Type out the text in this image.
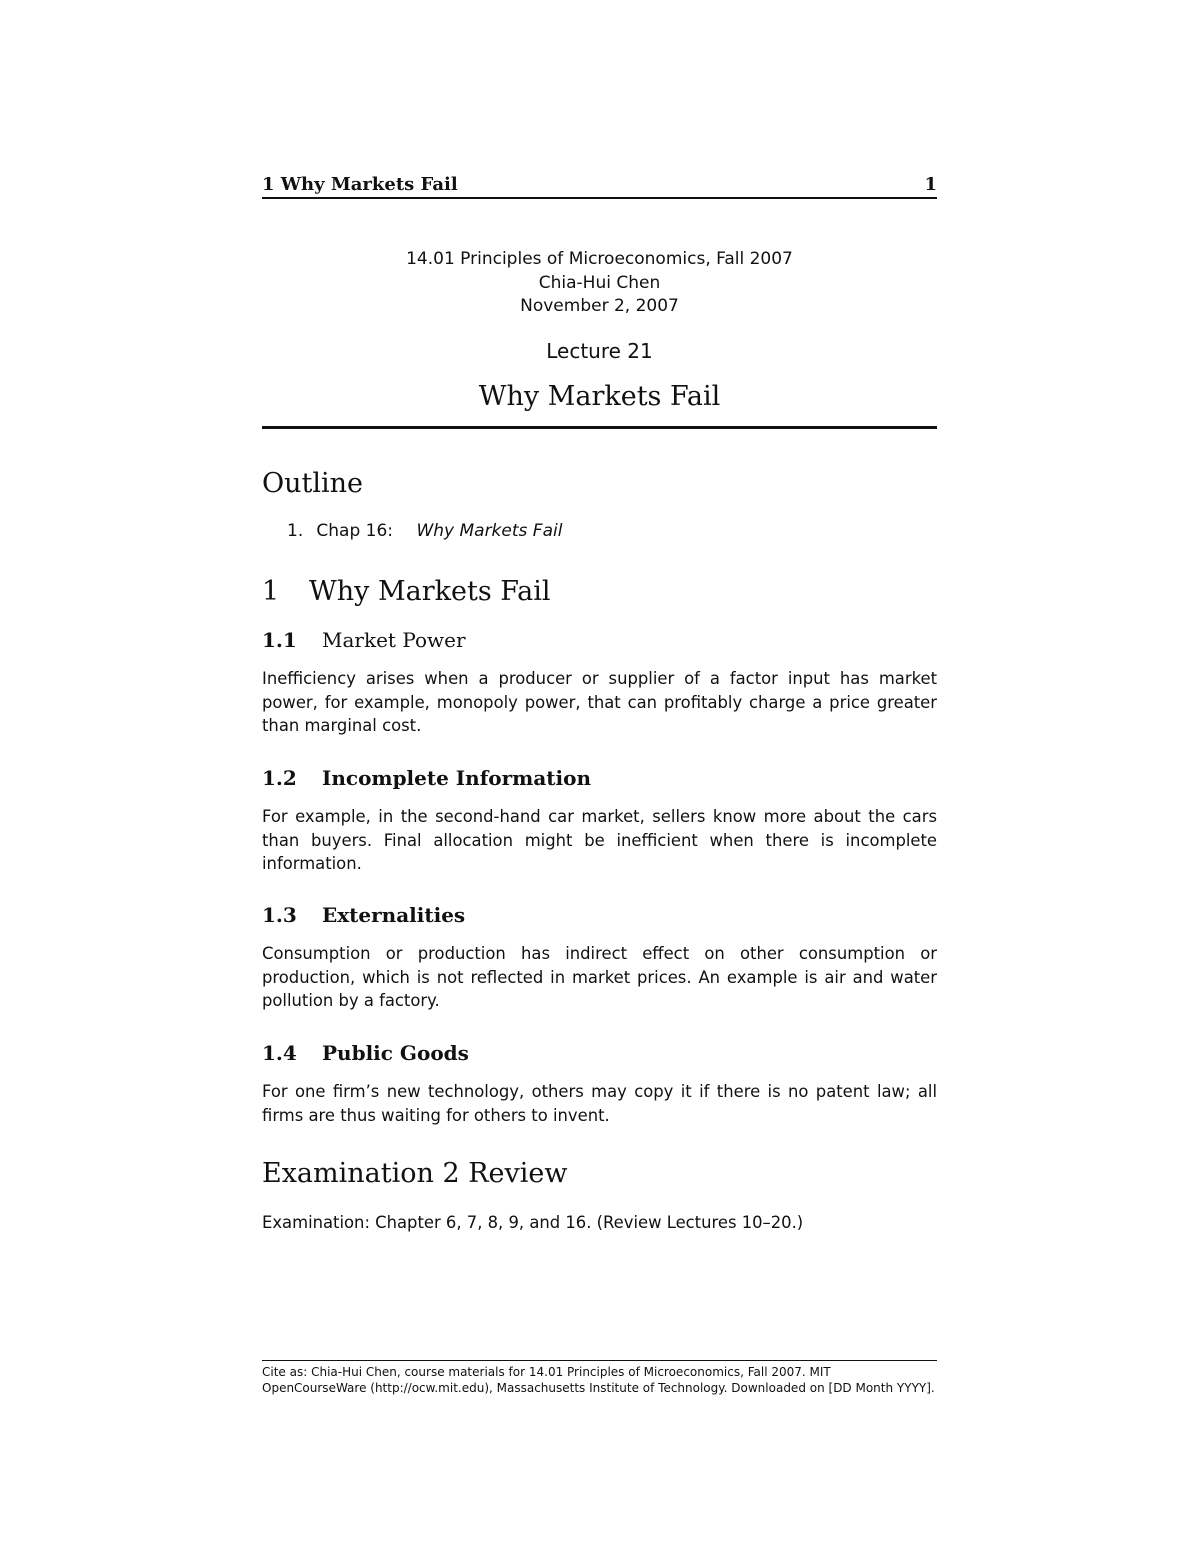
1 Why Markets Fail	1
14.01 Principles of Microeconomics, Fall 2007
Chia-Hui Chen
November 2, 2007
Lecture 21
Why Markets Fail
Outline
1. Chap 16: Why Markets Fail
1 Why Markets Fail
1.1 Market Power
Inefficiency arises when a producer or supplier of a factor input has market power, for example, monopoly power, that can profitably charge a price greater than marginal cost.
1.2 Incomplete Information
For example, in the second-hand car market, sellers know more about the cars than buyers. Final allocation might be inefficient when there is incomplete information.
1.3 Externalities
Consumption or production has indirect effect on other consumption or production, which is not reflected in market prices. An example is air and water pollution by a factory.
1.4 Public Goods
For one firm’s new technology, others may copy it if there is no patent law; all firms are thus waiting for others to invent.
Examination 2 Review
Examination: Chapter 6, 7, 8, 9, and 16. (Review Lectures 10–20.)
Cite as: Chia-Hui Chen, course materials for 14.01 Principles of Microeconomics, Fall 2007. MIT OpenCourseWare (http://ocw.mit.edu), Massachusetts Institute of Technology. Downloaded on [DD Month YYYY].
